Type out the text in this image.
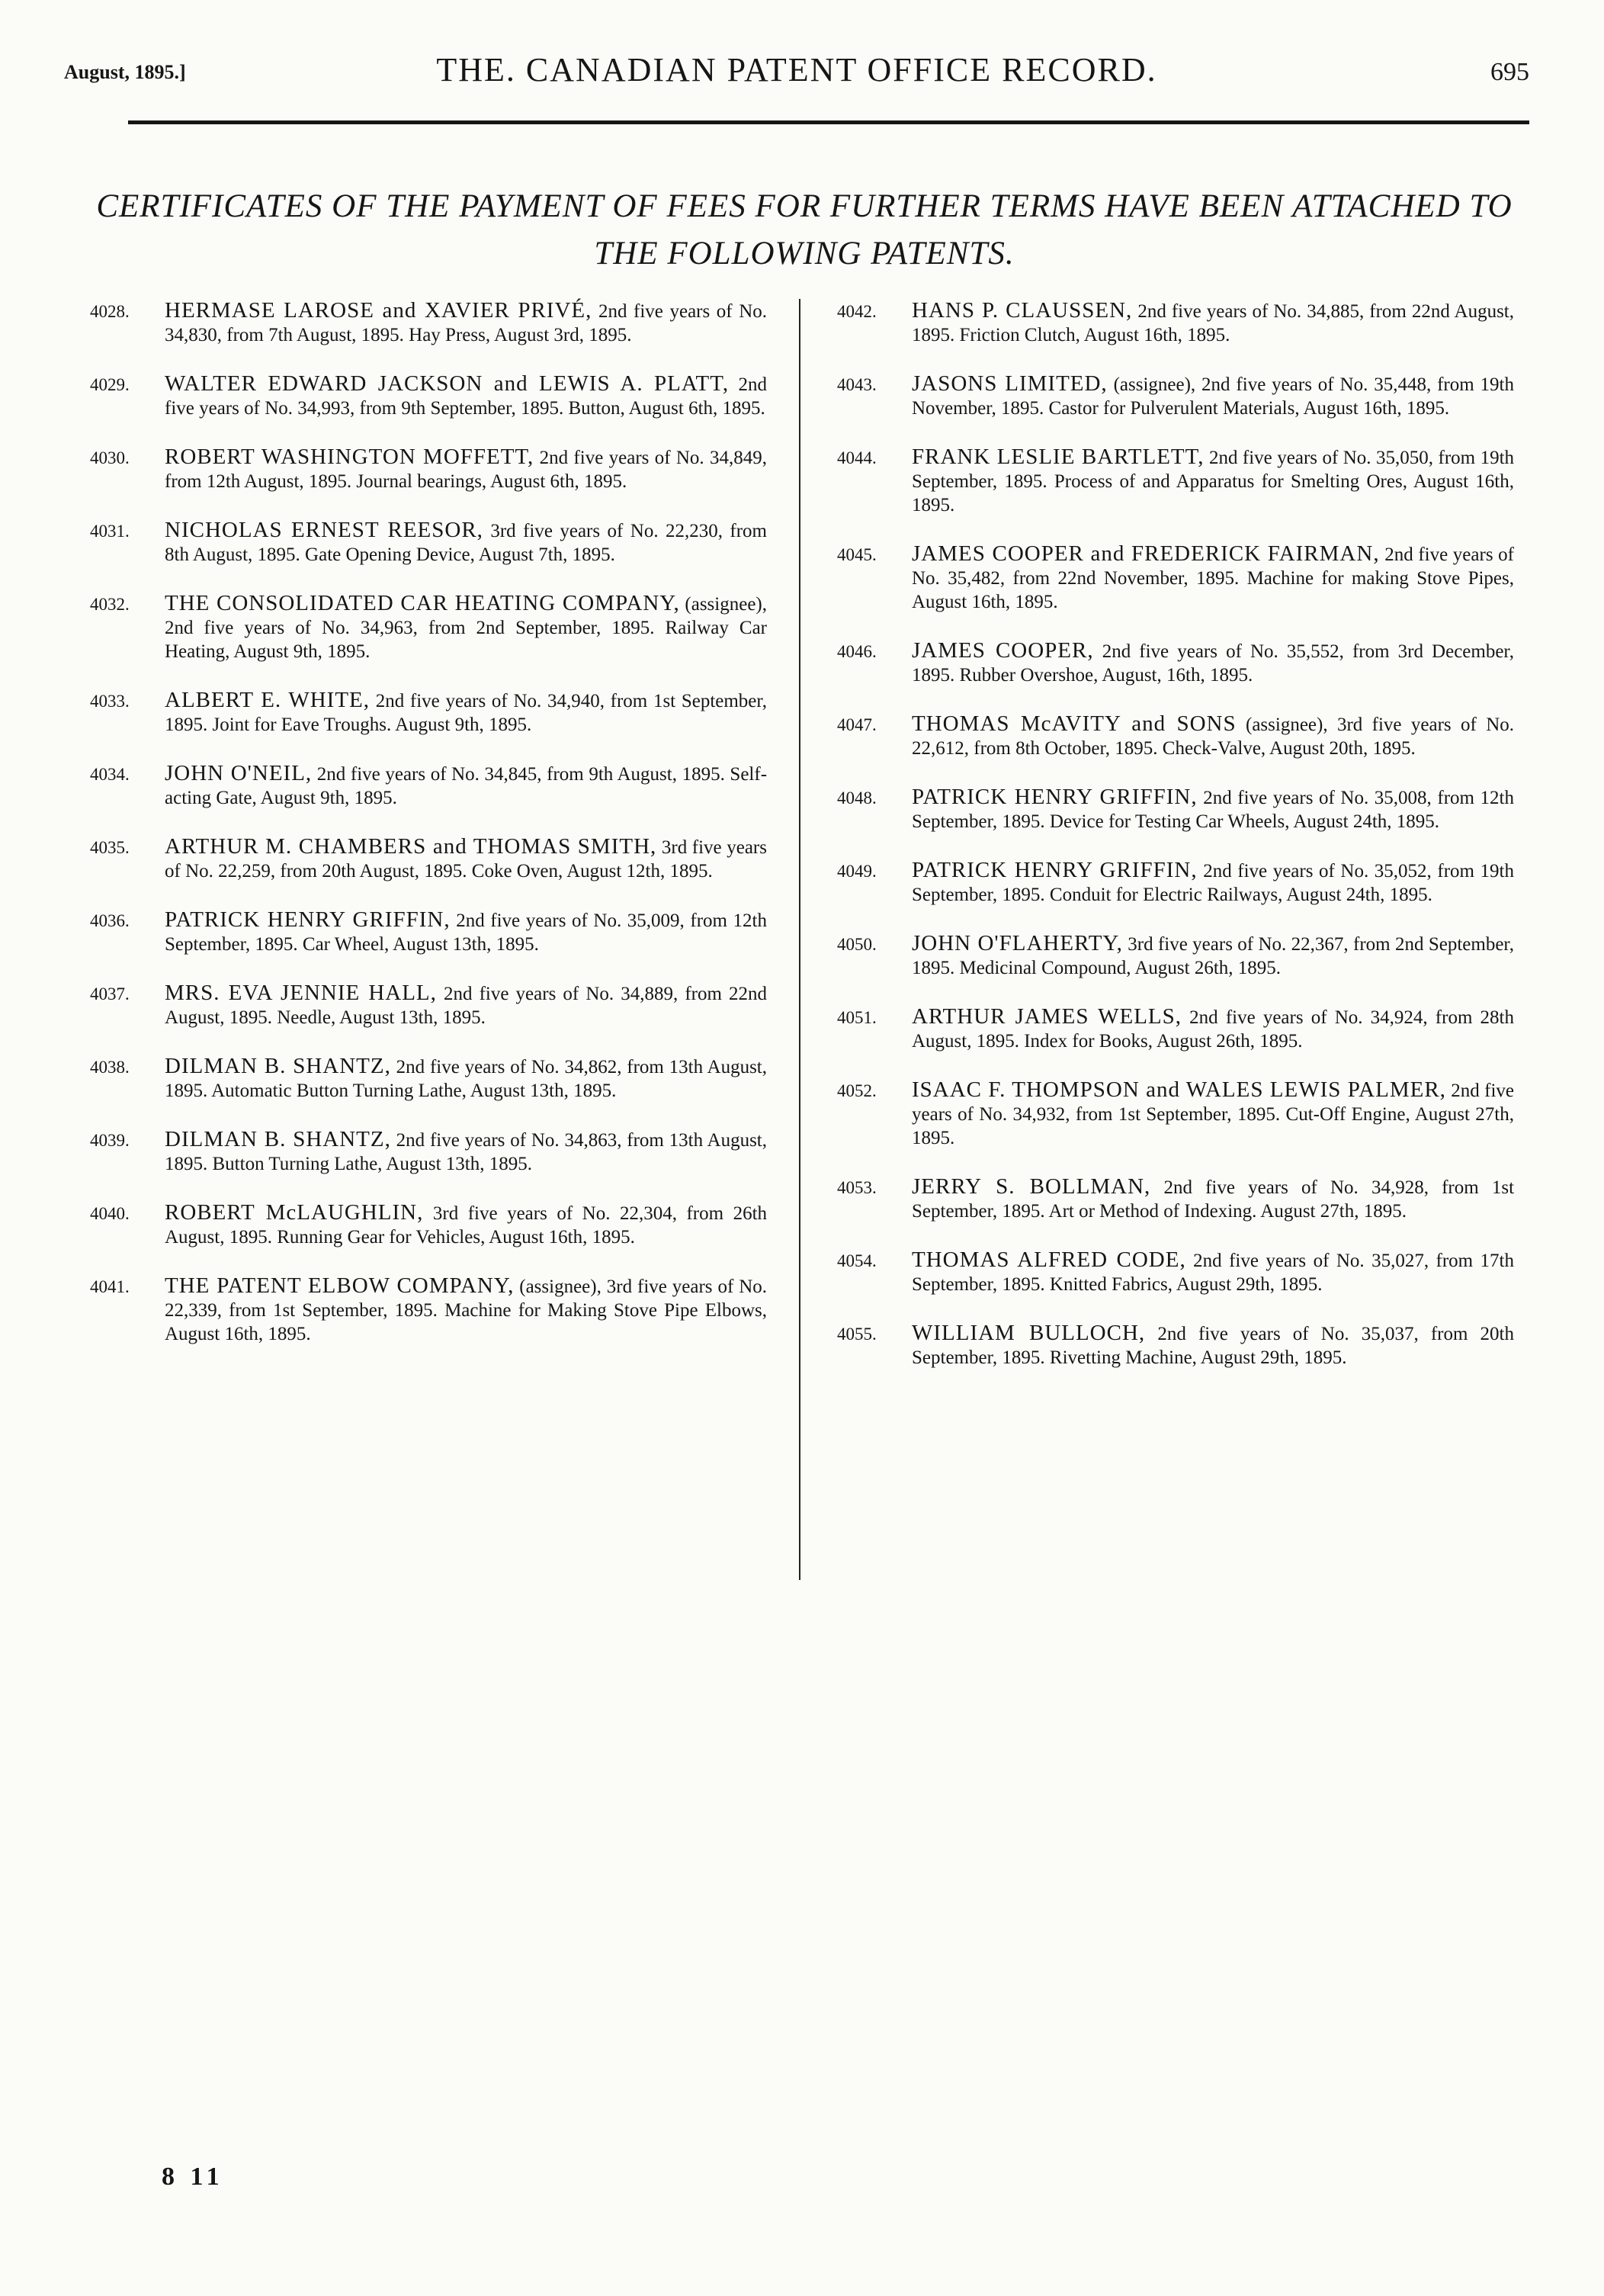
August, 1895.]	THE. CANADIAN PATENT OFFICE RECORD.	695
CERTIFICATES OF THE PAYMENT OF FEES FOR FURTHER TERMS HAVE BEEN ATTACHED TO
THE FOLLOWING PATENTS.
4028. HERMASE LAROSE and XAVIER PRIVÉ, 2nd five years of No. 34,830, from 7th August, 1895. Hay Press, August 3rd, 1895.
4029. WALTER EDWARD JACKSON and LEWIS A. PLATT, 2nd five years of No. 34,993, from 9th September, 1895. Button, August 6th, 1895.
4030. ROBERT WASHINGTON MOFFETT, 2nd five years of No. 34,849, from 12th August, 1895. Journal bearings, August 6th, 1895.
4031. NICHOLAS ERNEST REESOR, 3rd five years of No. 22,230, from 8th August, 1895. Gate Opening Device, August 7th, 1895.
4032. THE CONSOLIDATED CAR HEATING COMPANY, (assignee), 2nd five years of No. 34,963, from 2nd September, 1895. Railway Car Heating, August 9th, 1895.
4033. ALBERT E. WHITE, 2nd five years of No. 34,940, from 1st September, 1895. Joint for Eave Troughs. August 9th, 1895.
4034. JOHN O'NEIL, 2nd five years of No. 34,845, from 9th August, 1895. Self-acting Gate, August 9th, 1895.
4035. ARTHUR M. CHAMBERS and THOMAS SMITH, 3rd five years of No. 22,259, from 20th August, 1895. Coke Oven, August 12th, 1895.
4036. PATRICK HENRY GRIFFIN, 2nd five years of No. 35,009, from 12th September, 1895. Car Wheel, August 13th, 1895.
4037. MRS. EVA JENNIE HALL, 2nd five years of No. 34,889, from 22nd August, 1895. Needle, August 13th, 1895.
4038. DILMAN B. SHANTZ, 2nd five years of No. 34,862, from 13th August, 1895. Automatic Button Turning Lathe, August 13th, 1895.
4039. DILMAN B. SHANTZ, 2nd five years of No. 34,863, from 13th August, 1895. Button Turning Lathe, August 13th, 1895.
4040. ROBERT McLAUGHLIN, 3rd five years of No. 22,304, from 26th August, 1895. Running Gear for Vehicles, August 16th, 1895.
4041. THE PATENT ELBOW COMPANY, (assignee), 3rd five years of No. 22,339, from 1st September, 1895. Machine for Making Stove Pipe Elbows, August 16th, 1895.
4042. HANS P. CLAUSSEN, 2nd five years of No. 34,885, from 22nd August, 1895. Friction Clutch, August 16th, 1895.
4043. JASONS LIMITED, (assignee), 2nd five years of No. 35,448, from 19th November, 1895. Castor for Pulverulent Materials, August 16th, 1895.
4044. FRANK LESLIE BARTLETT, 2nd five years of No. 35,050, from 19th September, 1895. Process of and Apparatus for Smelting Ores, August 16th, 1895.
4045. JAMES COOPER and FREDERICK FAIRMAN, 2nd five years of No. 35,482, from 22nd November, 1895. Machine for making Stove Pipes, August 16th, 1895.
4046. JAMES COOPER, 2nd five years of No. 35,552, from 3rd December, 1895. Rubber Overshoe, August, 16th, 1895.
4047. THOMAS McAVITY and SONS (assignee), 3rd five years of No. 22,612, from 8th October, 1895. Check-Valve, August 20th, 1895.
4048. PATRICK HENRY GRIFFIN, 2nd five years of No. 35,008, from 12th September, 1895. Device for Testing Car Wheels, August 24th, 1895.
4049. PATRICK HENRY GRIFFIN, 2nd five years of No. 35,052, from 19th September, 1895. Conduit for Electric Railways, August 24th, 1895.
4050. JOHN O'FLAHERTY, 3rd five years of No. 22,367, from 2nd September, 1895. Medicinal Compound, August 26th, 1895.
4051. ARTHUR JAMES WELLS, 2nd five years of No. 34,924, from 28th August, 1895. Index for Books, August 26th, 1895.
4052. ISAAC F. THOMPSON and WALES LEWIS PALMER, 2nd five years of No. 34,932, from 1st September, 1895. Cut-Off Engine, August 27th, 1895.
4053. JERRY S. BOLLMAN, 2nd five years of No. 34,928, from 1st September, 1895. Art or Method of Indexing. August 27th, 1895.
4054. THOMAS ALFRED CODE, 2nd five years of No. 35,027, from 17th September, 1895. Knitted Fabrics, August 29th, 1895.
4055. WILLIAM BULLOCH, 2nd five years of No. 35,037, from 20th September, 1895. Rivetting Machine, August 29th, 1895.
8 11
